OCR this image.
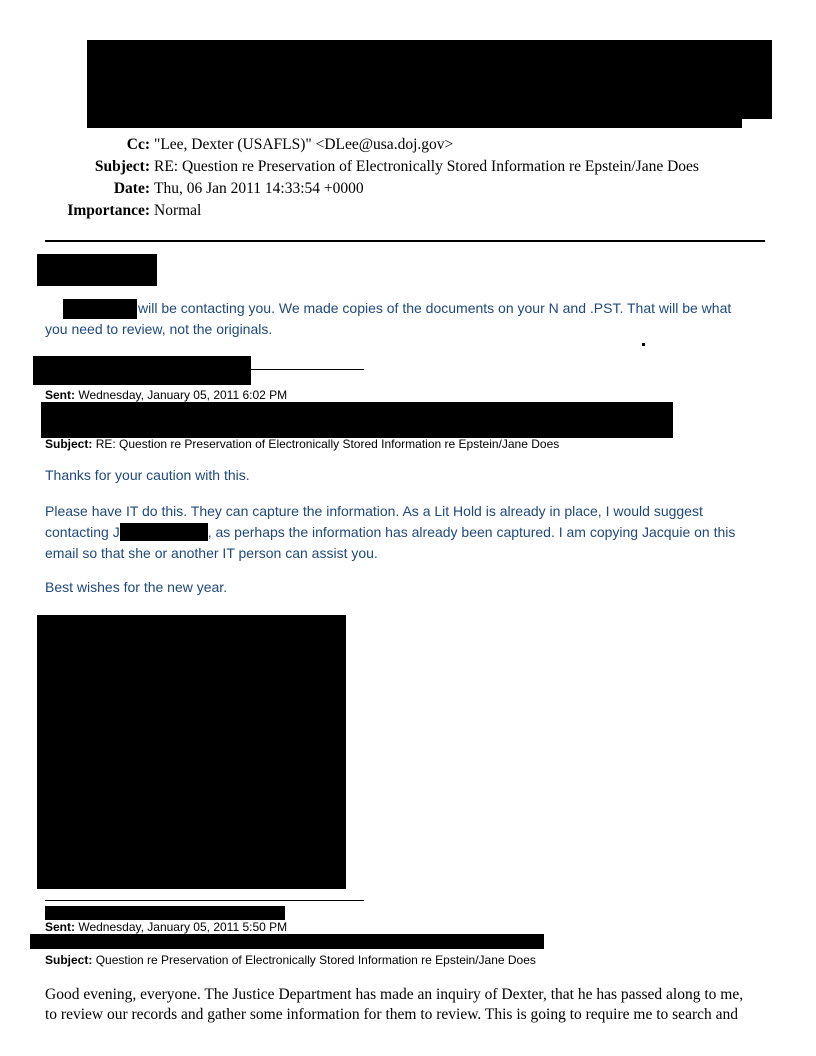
Cc: "Lee, Dexter (USAFLS)" <DLee@usa.doj.gov>
Subject: RE: Question re Preservation of Electronically Stored Information re Epstein/Jane Does
Date: Thu, 06 Jan 2011 14:33:54 +0000
Importance: Normal
will be contacting you. We made copies of the documents on your N and .PST. That will be what
you need to review, not the originals.
Sent: Wednesday, January 05, 2011 6:02 PM
Subject: RE: Question re Preservation of Electronically Stored Information re Epstein/Jane Does
Thanks for your caution with this.
Please have IT do this. They can capture the information. As a Lit Hold is already in place, I would suggest
contacting J	, as perhaps the information has already been captured. I am copying Jacquie on this
email so that she or another IT person can assist you.
Best wishes for the new year.
Sent: Wednesday, January 05, 2011 5:50 PM
Subject: Question re Preservation of Electronically Stored Information re Epstein/Jane Does
Good evening, everyone. The Justice Department has made an inquiry of Dexter, that he has passed along to me,
to review our records and gather some information for them to review. This is going to require me to search and
